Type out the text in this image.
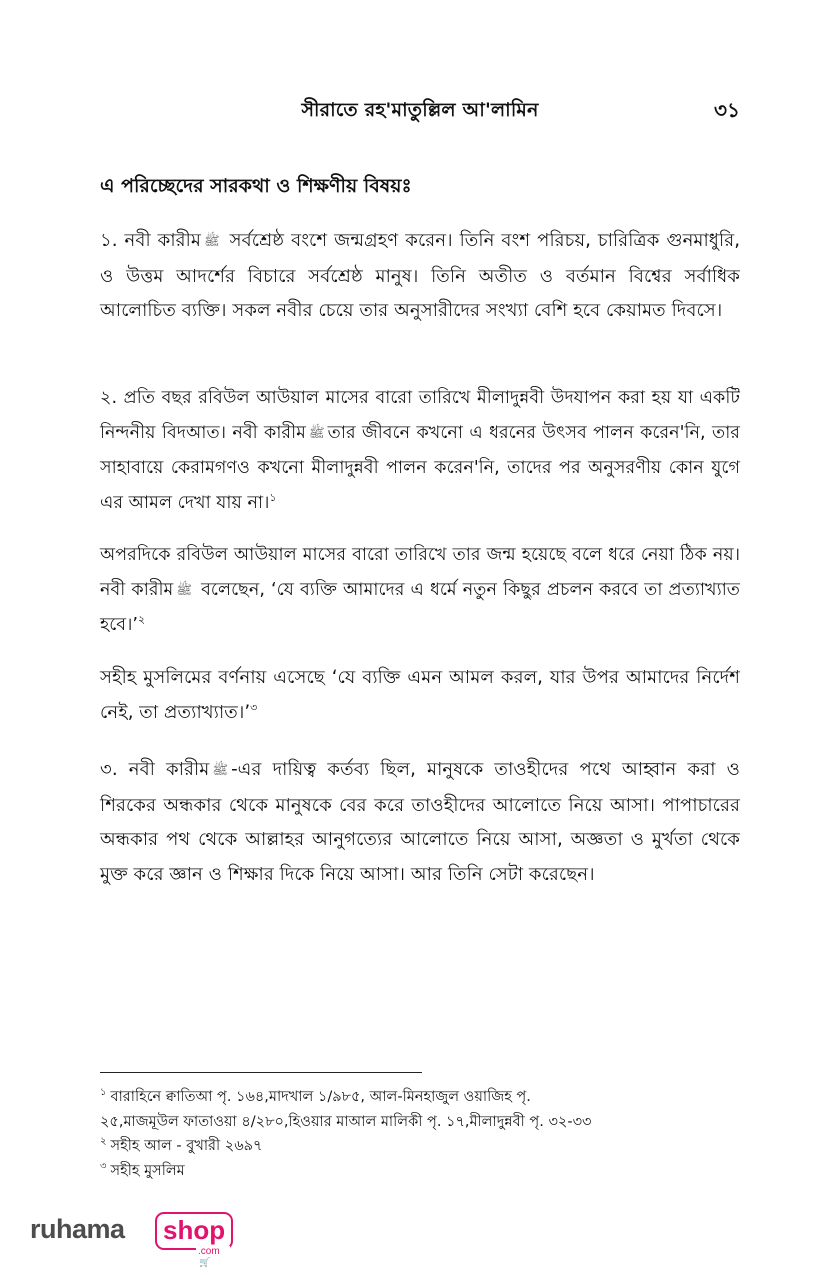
সীরাতে রহ'মাতুল্লিল আ'লামিন	৩১
এ পরিচ্ছেদের সারকথা ও শিক্ষণীয় বিষয়ঃ
১. নবী কারীম ﷺ সর্বশ্রেষ্ঠ বংশে জন্মগ্রহণ করেন। তিনি বংশ পরিচয়, চারিত্রিক গুনমাধুরি, ও উত্তম আদর্শের বিচারে সর্বশ্রেষ্ঠ মানুষ। তিনি অতীত ও বর্তমান বিশ্বের সর্বাধিক আলোচিত ব্যক্তি। সকল নবীর চেয়ে তার অনুসারীদের সংখ্যা বেশি হবে কেয়ামত দিবসে।
২. প্রতি বছর রবিউল আউয়াল মাসের বারো তারিখে মীলাদুন্নবী উদযাপন করা হয় যা একটি নিন্দনীয় বিদআত। নবী কারীম ﷺ তার জীবনে কখনো এ ধরনের উৎসব পালন করেন'নি, তার সাহাবায়ে কেরামগণও কখনো মীলাদুন্নবী পালন করেন'নি, তাদের পর অনুসরণীয় কোন যুগে এর আমল দেখা যায় না।$^১$
অপরদিকে রবিউল আউয়াল মাসের বারো তারিখে তার জন্ম হয়েছে বলে ধরে নেয়া ঠিক নয়। নবী কারীম ﷺ বলেছেন, ‘যে ব্যক্তি আমাদের এ ধর্মে নতুন কিছুর প্রচলন করবে তা প্রত্যাখ্যাত হবে।’$^২$
সহীহ মুসলিমের বর্ণনায় এসেছে ‘যে ব্যক্তি এমন আমল করল, যার উপর আমাদের নির্দেশ নেই, তা প্রত্যাখ্যাত।’$^৩$
৩. নবী কারীম ﷺ -এর দায়িত্ব কর্তব্য ছিল, মানুষকে তাওহীদের পথে আহ্বান করা ও শিরকের অন্ধকার থেকে মানুষকে বের করে তাওহীদের আলোতে নিয়ে আসা। পাপাচারের অন্ধকার পথ থেকে আল্লাহর আনুগত্যের আলোতে নিয়ে আসা, অজ্ঞতা ও মুর্খতা থেকে মুক্ত করে জ্ঞান ও শিক্ষার দিকে নিয়ে আসা। আর তিনি সেটা করেছেন।
$^১$ বারাহিনে ক্বাতিআ পৃ. ১৬৪,মাদখাল ১/৯৮৫, আল-মিনহাজুল ওয়াজিহ পৃ.
২৫,মাজমূউল ফাতাওয়া ৪/২৮০,হিওয়ার মাআল মালিকী পৃ. ১৭,মীলাদুন্নবী পৃ. ৩২-৩৩
$^২$ সহীহ আল - বুখারী ২৬৯৭
$^৩$ সহীহ মুসলিম
ruhama	shop
.com🛒
